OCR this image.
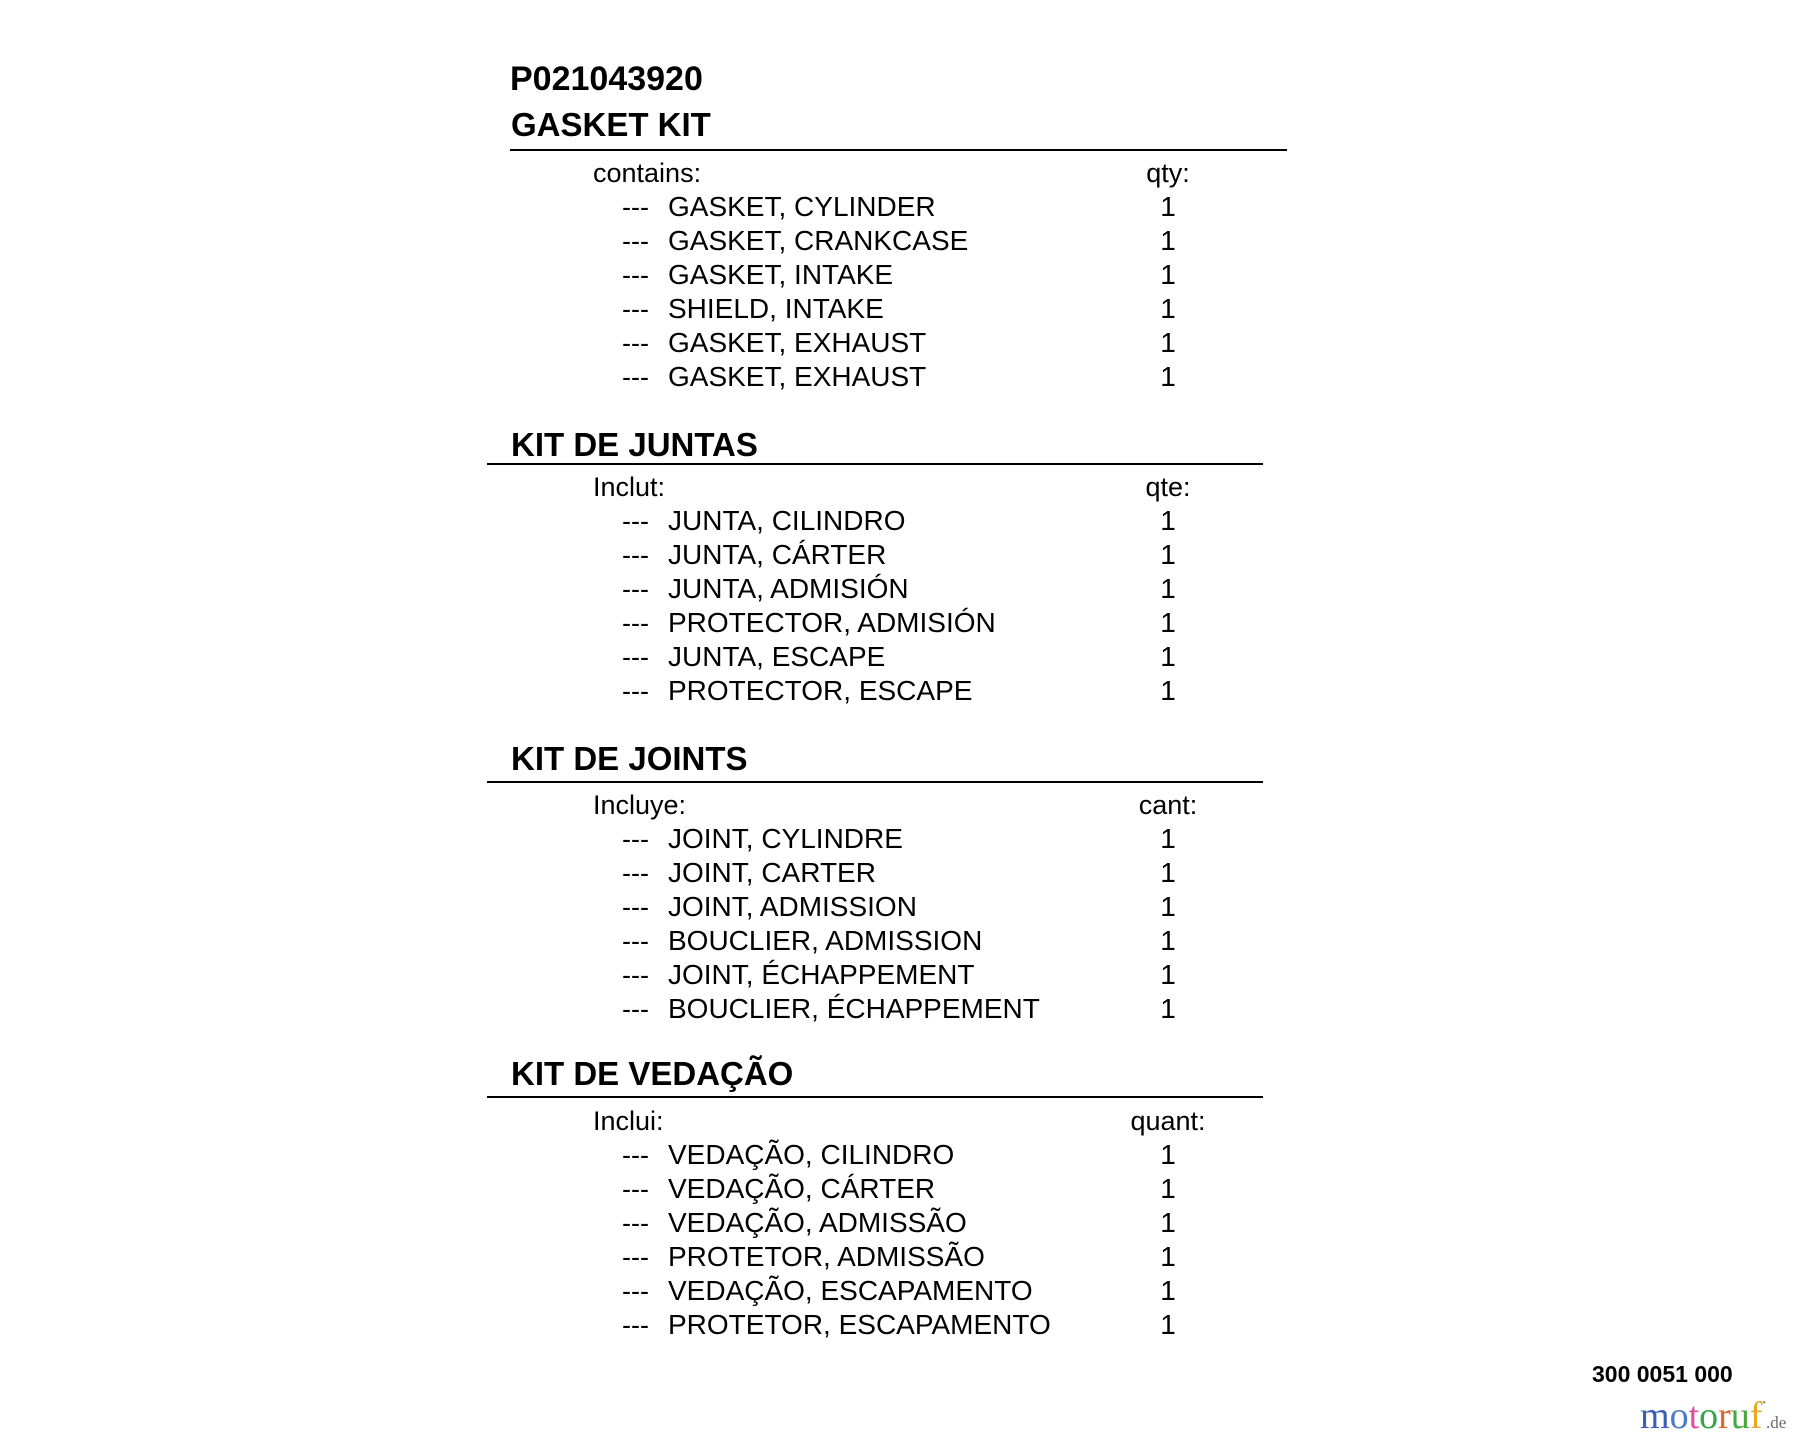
P021043920
GASKET KIT
contains:	qty:
--- GASKET, CYLINDER	1
--- GASKET, CRANKCASE	1
--- GASKET, INTAKE	1
--- SHIELD, INTAKE	1
--- GASKET, EXHAUST	1
--- GASKET, EXHAUST	1
KIT DE JUNTAS
Inclut:	qte:
--- JUNTA, CILINDRO	1
--- JUNTA, CÁRTER	1
--- JUNTA, ADMISIÓN	1
--- PROTECTOR, ADMISIÓN	1
--- JUNTA, ESCAPE	1
--- PROTECTOR, ESCAPE	1
KIT DE JOINTS
Incluye:	cant:
--- JOINT, CYLINDRE	1
--- JOINT, CARTER	1
--- JOINT, ADMISSION	1
--- BOUCLIER, ADMISSION	1
--- JOINT, ÉCHAPPEMENT	1
--- BOUCLIER, ÉCHAPPEMENT	1
KIT DE VEDAÇÃO
Inclui:	quant:
--- VEDAÇÃO, CILINDRO	1
--- VEDAÇÃO, CÁRTER	1
--- VEDAÇÃO, ADMISSÃO	1
--- PROTETOR, ADMISSÃO	1
--- VEDAÇÃO, ESCAPAMENTO	1
--- PROTETOR, ESCAPAMENTO	1
300 0051 000
motoruf•.de
